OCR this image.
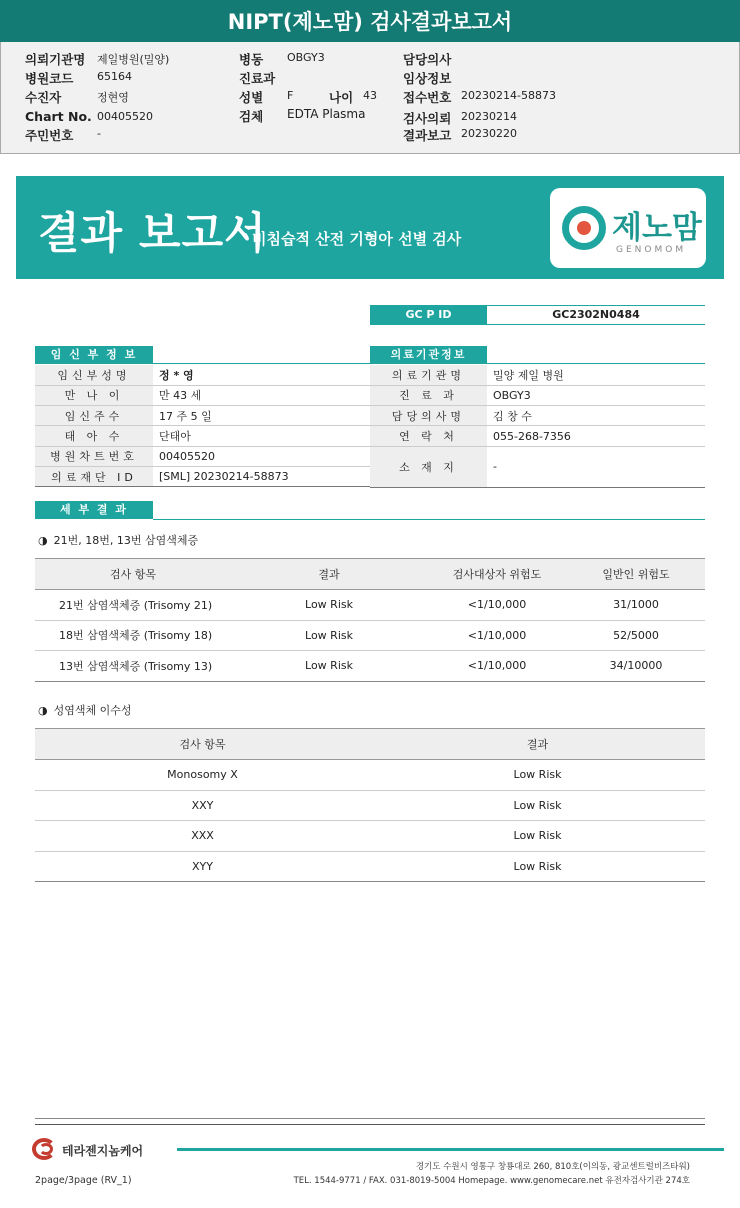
NIPT(제노맘) 검사결과보고서
의뢰기관명 제일병원(밀양)
병원코드 65164
수진자	정현영
Chart No. 00405520
주민번호 -
병동 OBGY3
진료과
성별 F	나이 43
검체 EDTA Plasma
담당의사
임상정보
접수번호 20230214-58873
검사의뢰 20230214
결과보고 20230220
결과 보고서
비침습적 산전 기형아 선별 검사	제노맘
GENOMOM
GC P ID	GC2302N0484
임 신 부 정 보
임신부성명	정 * 영
만 나 이	만 43 세
임신주수	17 주 5 일
태 아 수	단태아
병원차트번호	00405520
의료재단 ID	[SML] 20230214-58873
의료기관정보
의료기관명	밀양 제일 병원
진 료 과	OBGY3
담당의사명	김 창 수
연 락 처	055-268-7356
소 재 지	-
세 부 결 과
◑ 21번, 18번, 13번 삼염색체증
검사 항목	결과	검사대상자 위험도	일반인 위험도
21번 삼염색체증 (Trisomy 21)	Low Risk	<1/10,000	31/1000
18번 삼염색체증 (Trisomy 18)	Low Risk	<1/10,000	52/5000
13번 삼염색체증 (Trisomy 13)	Low Risk	<1/10,000	34/10000
◑ 성염색체 이수성
검사 항목	결과
Monosomy X	Low Risk
XXY	Low Risk
XXX	Low Risk
XYY	Low Risk
테라젠지놈케어
경기도 수원시 영통구 창룡대로 260, 810호(이의동, 광교센트럴비즈타워)
TEL. 1544-9771 / FAX. 031-8019-5004 Homepage. www.genomecare.net 유전자검사기관 274호
2page/3page (RV_1)
